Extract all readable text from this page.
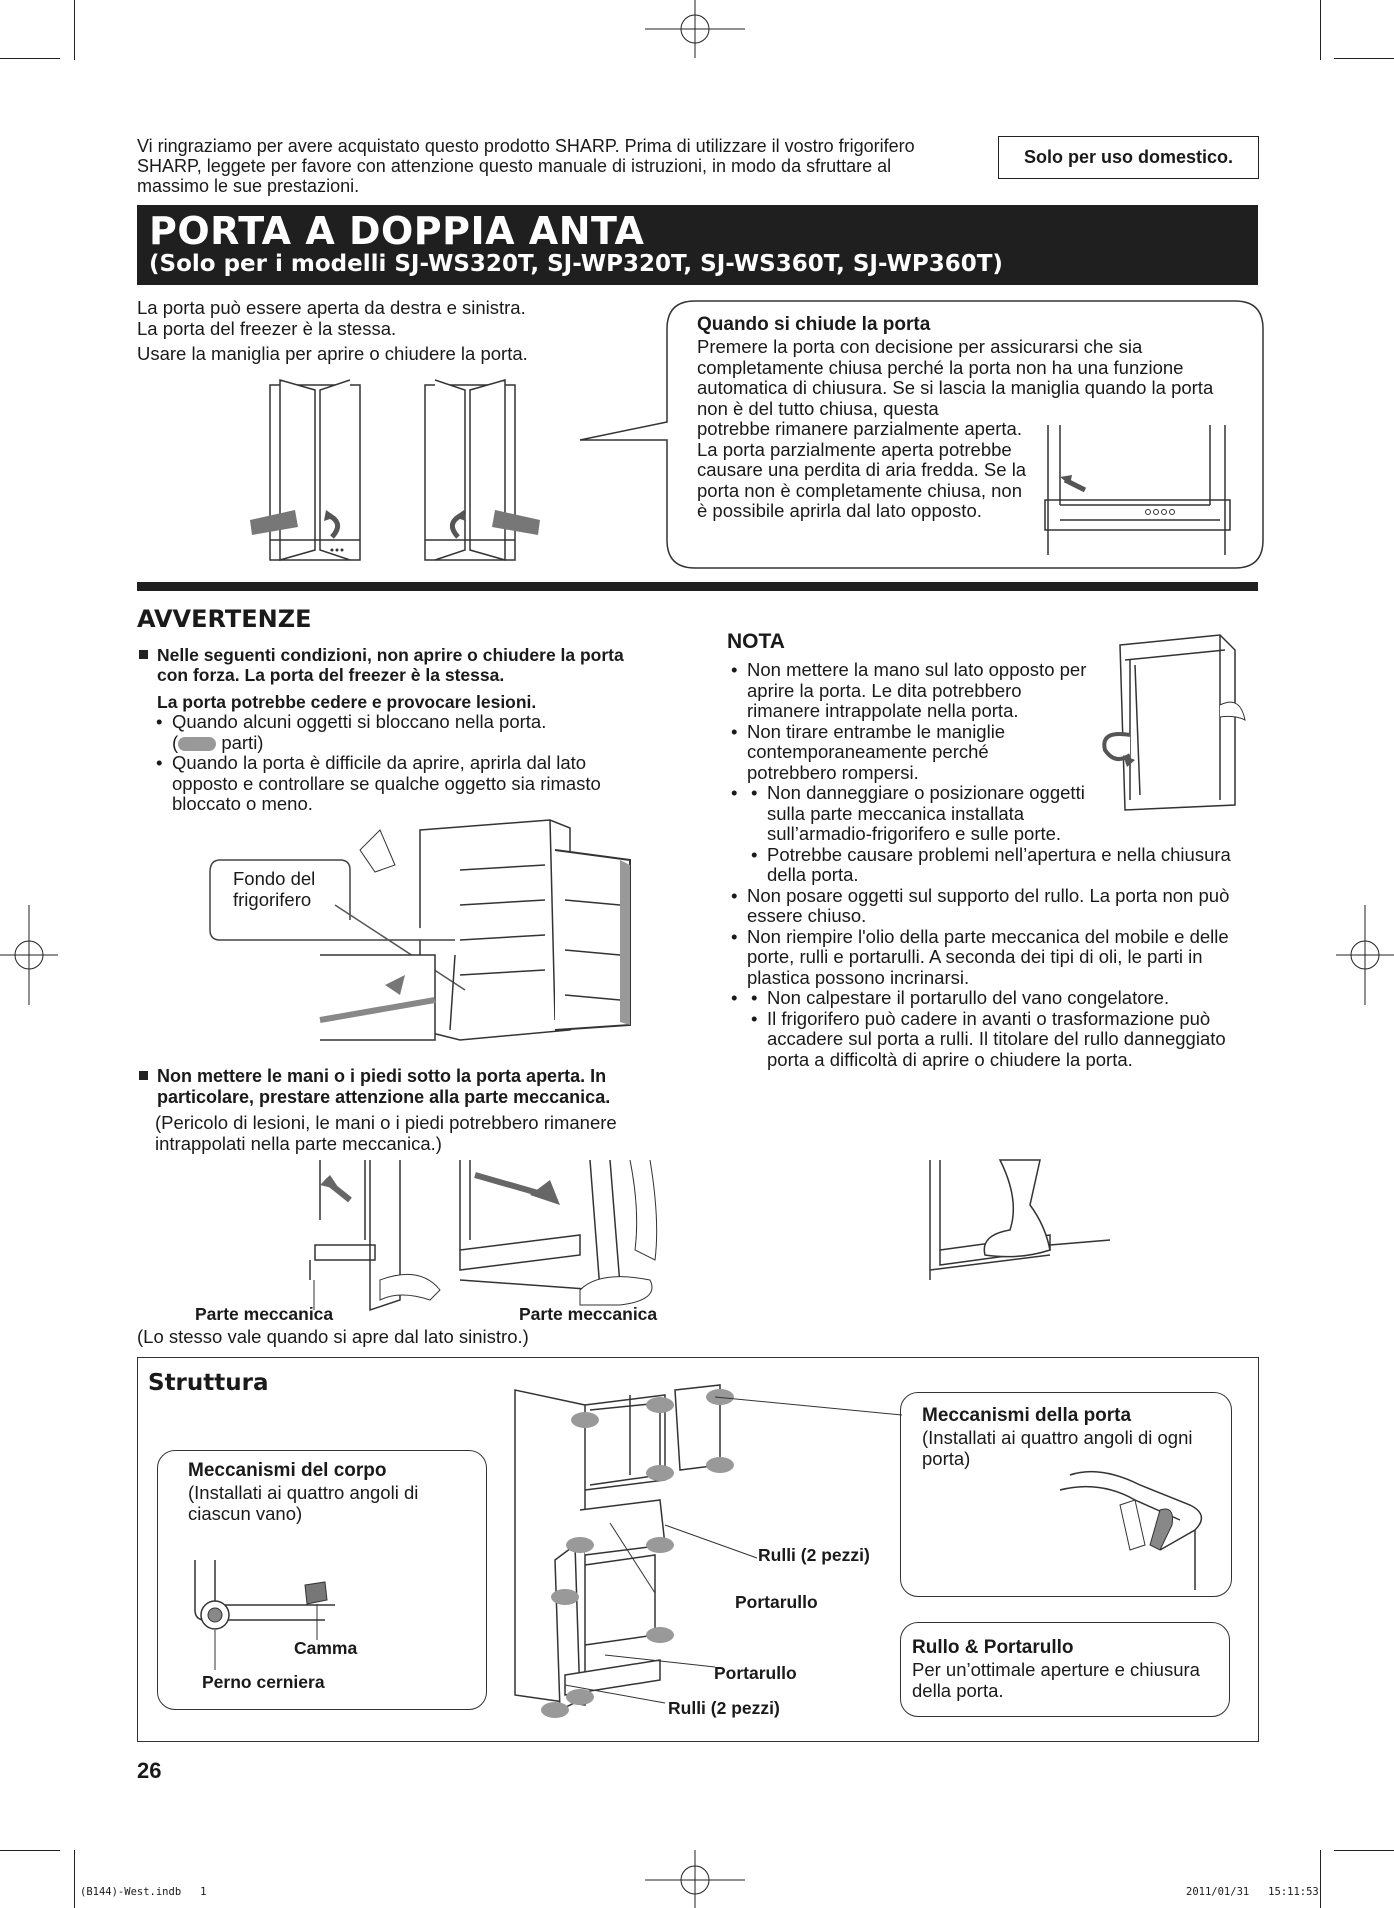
Vi ringraziamo per avere acquistato questo prodotto SHARP. Prima di utilizzare il vostro frigorifero SHARP, leggete per favore con attenzione questo manuale di istruzioni, in modo da sfruttare al massimo le sue prestazioni.
Solo per uso domestico.
PORTA A DOPPIA ANTA
(Solo per i modelli SJ-WS320T, SJ-WP320T, SJ-WS360T, SJ-WP360T)
La porta può essere aperta da destra e sinistra.
La porta del freezer è la stessa.
Usare la maniglia per aprire o chiudere la porta.
Quando si chiude la porta
Premere la porta con decisione per assicurarsi che sia completamente chiusa perché la porta non ha una funzione automatica di chiusura. Se si lascia la maniglia quando la porta non è del tutto chiusa, questa
potrebbe rimanere parzialmente aperta. La porta parzialmente aperta potrebbe causare una perdita di aria fredda. Se la porta non è completamente chiusa, non è possibile aprirla dal lato opposto.
AVVERTENZE
Nelle seguenti condizioni, non aprire o chiudere la porta con forza. La porta del freezer è la stessa.
La porta potrebbe cedere e provocare lesioni.
• Quando alcuni oggetti si bloccano nella porta.
( parti)
• Quando la porta è difficile da aprire, aprirla dal lato opposto e controllare se qualche oggetto sia rimasto bloccato o meno.
Fondo del frigorifero
Non mettere le mani o i piedi sotto la porta aperta. In particolare, prestare attenzione alla parte meccanica.
(Pericolo di lesioni, le mani o i piedi potrebbero rimanere intrappolati nella parte meccanica.)
Parte meccanica	Parte meccanica
(Lo stesso vale quando si apre dal lato sinistro.)
NOTA
• Non mettere la mano sul lato opposto per aprire la porta. Le dita potrebbero rimanere intrappolate nella porta.
• Non tirare entrambe le maniglie contemporaneamente perché potrebbero rompersi.
• • Non danneggiare o posizionare oggetti sulla parte meccanica installata sull’armadio-frigorifero e sulle porte.
• Potrebbe causare problemi nell’apertura e nella chiusura della porta.
• Non posare oggetti sul supporto del rullo. La porta non può essere chiuso.
• Non riempire l'olio della parte meccanica del mobile e delle porte, rulli e portarulli. A seconda dei tipi di oli, le parti in plastica possono incrinarsi.
• • Non calpestare il portarullo del vano congelatore.
• Il frigorifero può cadere in avanti o trasformazione può accadere sul porta a rulli. Il titolare del rullo danneggiato porta a difficoltà di aprire o chiudere la porta.
Struttura
Meccanismi del corpo
(Installati ai quattro angoli di ciascun vano)
Camma
Perno cerniera
Rulli (2 pezzi)
Portarullo
Portarullo
Rulli (2 pezzi)
Meccanismi della porta
(Installati ai quattro angoli di ogni porta)
Rullo & Portarullo
Per un’ottimale aperture e chiusura della porta.
26
(B144)-West.indb   1	2011/01/31   15:11:53
